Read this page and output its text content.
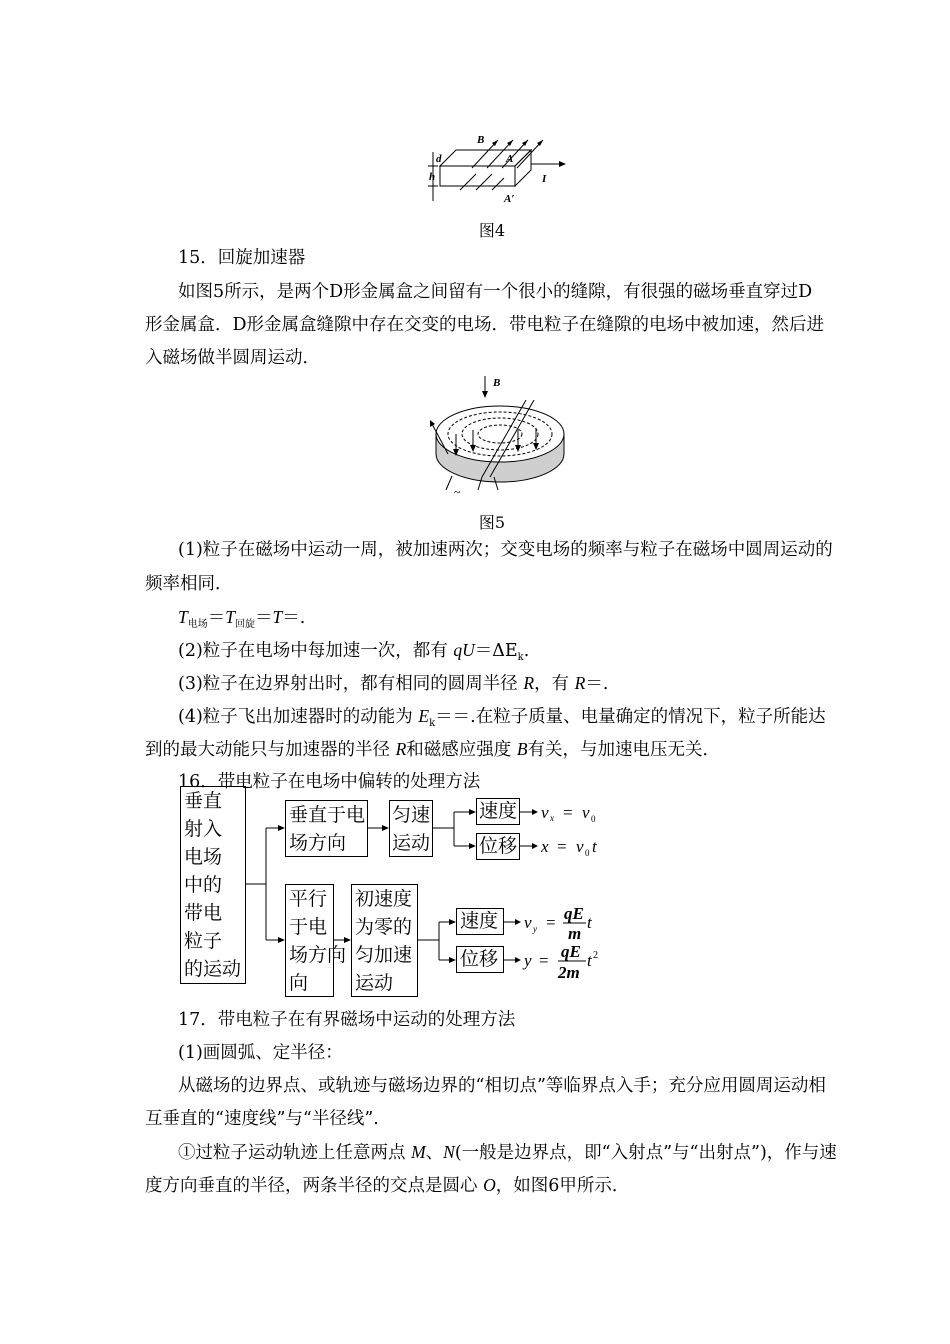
B
A
A′
d
h	I
图4
15．回旋加速器
如图5所示，是两个D形金属盒之间留有一个很小的缝隙，有很强的磁场垂直穿过D
形金属盒．D形金属盒缝隙中存在交变的电场．带电粒子在缝隙的电场中被加速，然后进
入磁场做半圆周运动．
B
~
图5
(1)粒子在磁场中运动一周，被加速两次；交变电场的频率与粒子在磁场中圆周运动的
频率相同．
$T_{电场}=T_{回旋}=T=$.
(2)粒子在电场中每加速一次，都有 $qU=\Delta E_k$.
(3)粒子在边界射出时，都有相同的圆周半径 R，有 R＝.
(4)粒子飞出加速器时的动能为 $E_k==$.在粒子质量、电量确定的情况下，粒子所能达
到的最大动能只与加速器的半径 R和磁感应强度 B有关，与加速电压无关．
16．带电粒子在电场中偏转的处理方法
v x = v 0
x = v 0 t
v y = qE
m
t
y = qE
2m
t 2
垂直
射入
电场
中的
带电
粒子
的运动
垂直于电
场方向
匀速
运动
速度
位移
平行
于电
场方向
向
初速度
为零的
匀加速
运动
速度
位移
17．带电粒子在有界磁场中运动的处理方法
(1)画圆弧、定半径：
从磁场的边界点、或轨迹与磁场边界的“相切点”等临界点入手；充分应用圆周运动相
互垂直的“速度线”与“半径线”.
①过粒子运动轨迹上任意两点 M、N(一般是边界点，即“入射点”与“出射点”)，作与速
度方向垂直的半径，两条半径的交点是圆心 O，如图6甲所示．
